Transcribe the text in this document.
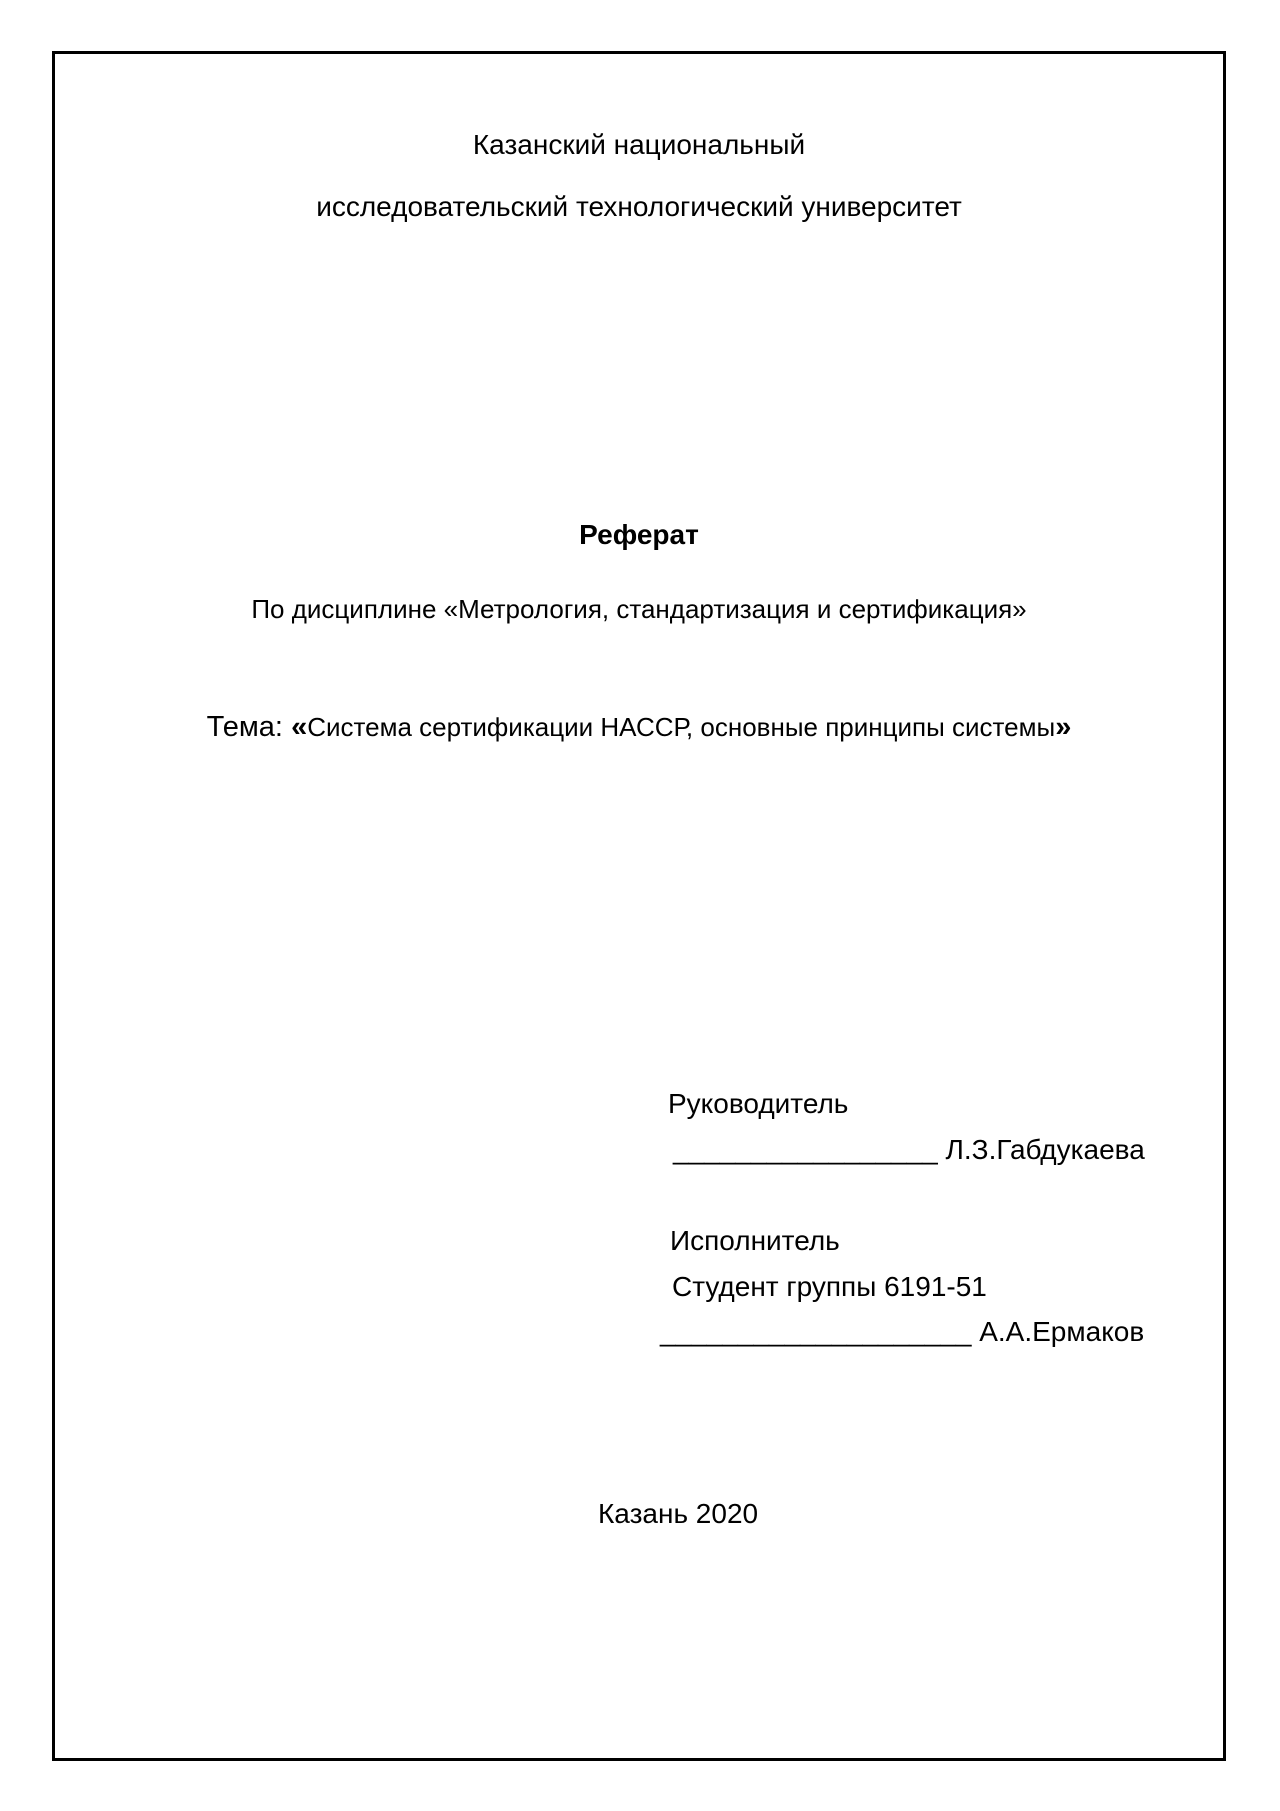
Казанский национальный
исследовательский технологический университет
Реферат
По дисциплине «Метрология, стандартизация и сертификация»
Тема: «Система сертификации НАССР, основные принципы системы»
Руководитель
_________________ Л.З.Габдукаева
Исполнитель
Студент группы 6191-51
____________________ А.А.Ермаков
Казань 2020
